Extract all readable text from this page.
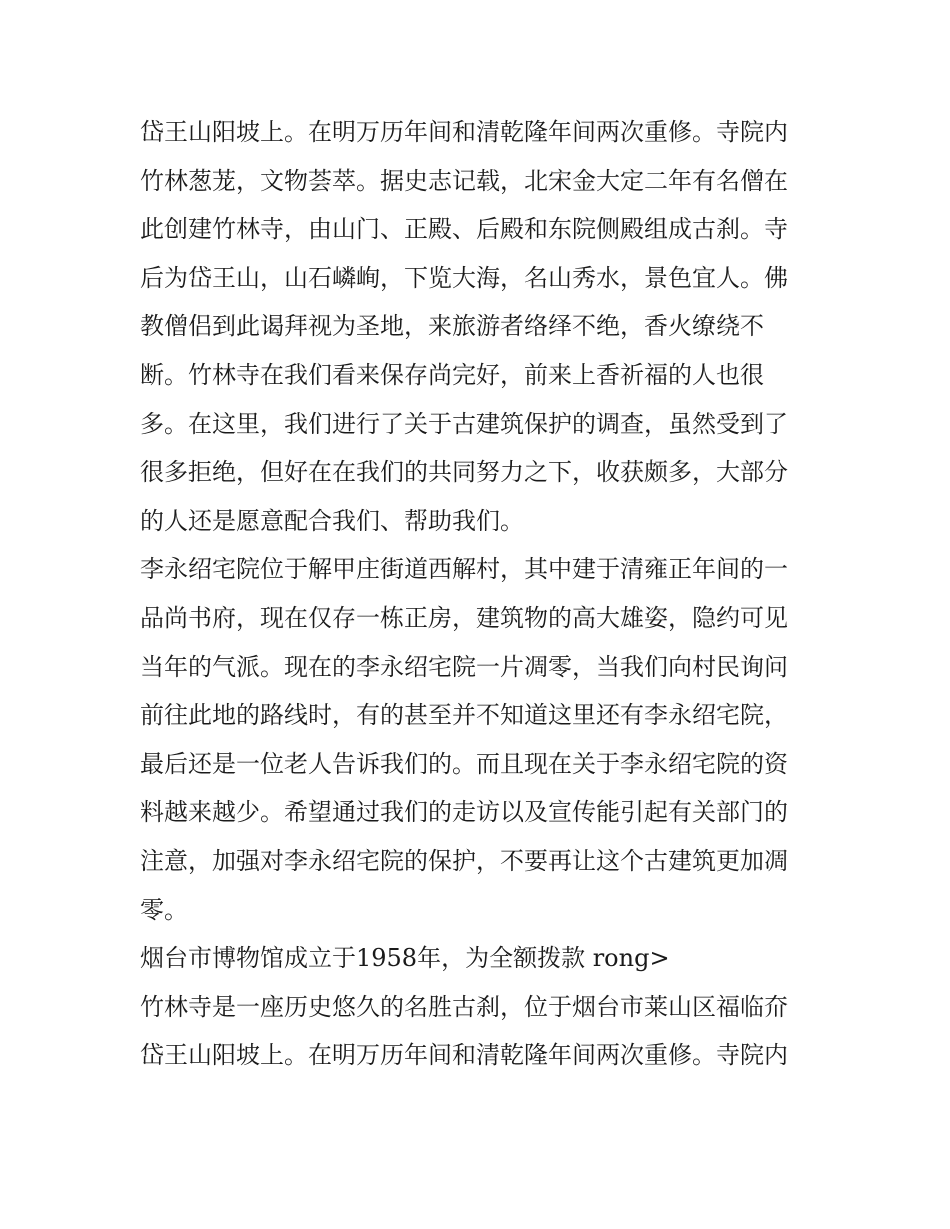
岱王山阳坡上。在明万历年间和清乾隆年间两次重修。寺院内
竹林葱茏，文物荟萃。据史志记载，北宋金大定二年有名僧在
此创建竹林寺，由山门、正殿、后殿和东院侧殿组成古刹。寺
后为岱王山，山石嶙峋，下览大海，名山秀水，景色宜人。佛
教僧侣到此谒拜视为圣地，来旅游者络绎不绝，香火缭绕不
断。竹林寺在我们看来保存尚完好，前来上香祈福的人也很
多。在这里，我们进行了关于古建筑保护的调查，虽然受到了
很多拒绝，但好在在我们的共同努力之下，收获颇多，大部分
的人还是愿意配合我们、帮助我们。
李永绍宅院位于解甲庄街道西解村，其中建于清雍正年间的一
品尚书府，现在仅存一栋正房，建筑物的高大雄姿，隐约可见
当年的气派。现在的李永绍宅院一片凋零，当我们向村民询问
前往此地的路线时，有的甚至并不知道这里还有李永绍宅院，
最后还是一位老人告诉我们的。而且现在关于李永绍宅院的资
料越来越少。希望通过我们的走访以及宣传能引起有关部门的
注意，加强对李永绍宅院的保护，不要再让这个古建筑更加凋
零。
烟台市博物馆成立于1958年，为全额拨款 rong>
竹林寺是一座历史悠久的名胜古刹，位于烟台市莱山区福临夼
岱王山阳坡上。在明万历年间和清乾隆年间两次重修。寺院内
